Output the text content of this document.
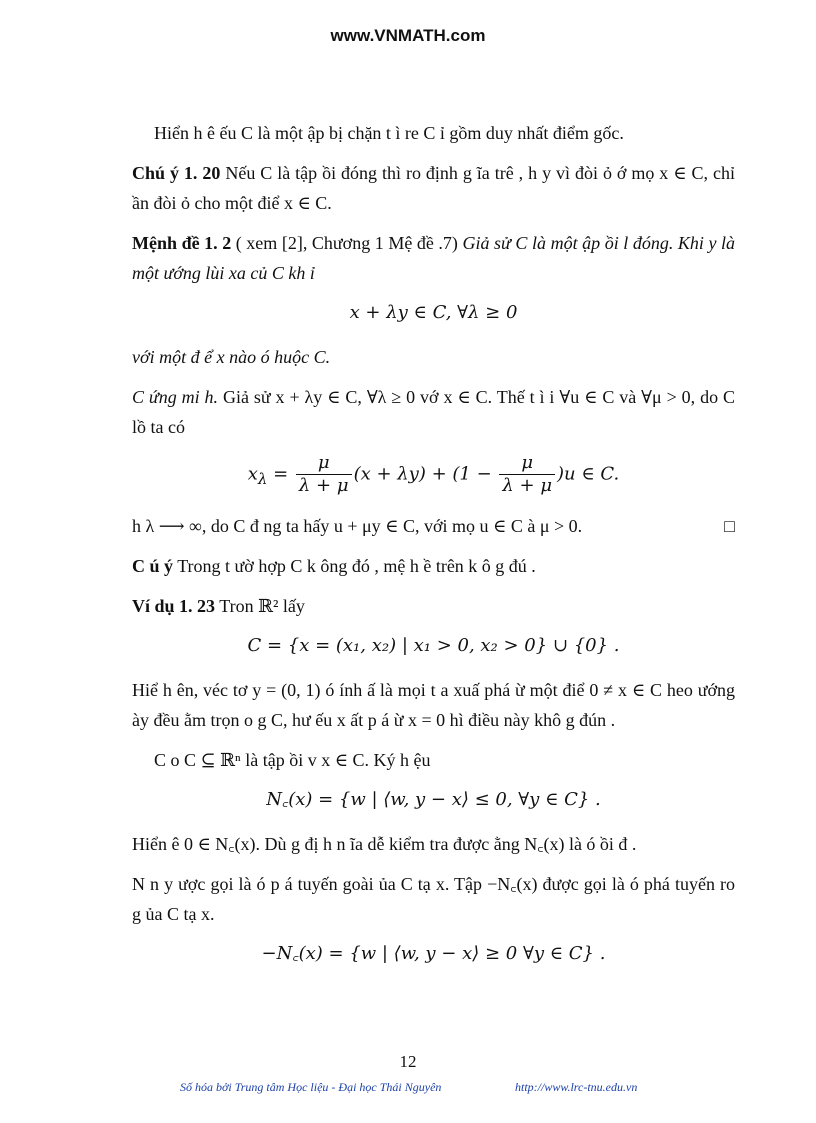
www.VNMATH.com

Hiển h ê ếu C là một ập bị chặn t ì re C ỉ gồm duy nhất điểm gốc.

Chú ý 1. 20 Nếu C là tập ồi đóng thì ro định g ĩa trê , h y vì đòi ỏ ớ mọ x ∈ C, chỉ ần đòi ỏ cho một điể x ∈ C.

Mệnh đề 1. 2 ( xem [2], Chương 1 Mệ đề .7) Giả sử C là một ập ồi l đóng. Khi y là một ướng lùi xa củ C kh ỉ

x + λy ∈ C, ∀λ ≥ 0

với một đ ể x nào ó huộc C.

C ứng mi h. Giả sử x + λy ∈ C, ∀λ ≥ 0 vớ x ∈ C. Thế t ì i ∀u ∈ C và ∀μ > 0, do C lồ ta có

$x_\lambda = \frac{\mu}{\lambda + \mu} (x + \lambda y) + (1 - \frac{\mu}{\lambda + \mu} )u$ ∈ C.

h λ ⟶ ∞, do C đ ng ta hấy u + μy ∈ C, với mọ u ∈ C à μ > 0.	□

C ú ý Trong t ườ hợp C k ông đó , mệ h ề trên k ô g đú .

Ví dụ 1. 23 Tron ℝ² lấy

C = {x = (x₁, x₂) | x₁ > 0, x₂ > 0} ∪ {0} .

Hiể h ên, véc tơ y = (0, 1) ó ính ấ là mọi t a xuấ phá ừ một điể 0 ≠ x ∈ C heo ướng ày đều ằm trọn o g C, hư ếu x ất p á ừ x = 0 hì điều này khô g đún .

C o C ⊆ ℝⁿ là tập ồi v x ∈ C. Ký h ệu

N꜀(x) = {w | ⟨w, y − x⟩ ≤ 0, ∀y ∈ C} .

Hiển ê 0 ∈ N꜀(x). Dù g đị h n ĩa dễ kiểm tra được ằng N꜀(x) là ó ồi đ .

N n y ược gọi là ó p á tuyến goài ủa C tạ x. Tập −N꜀(x) được gọi là ó phá tuyến ro g ủa C tạ x.

−N꜀(x) = {w | ⟨w, y − x⟩ ≥ 0 ∀y ∈ C} .
12
Số hóa bởi Trung tâm Học liệu - Đại học Thái Nguyên	http://www.lrc-tnu.edu.vn
